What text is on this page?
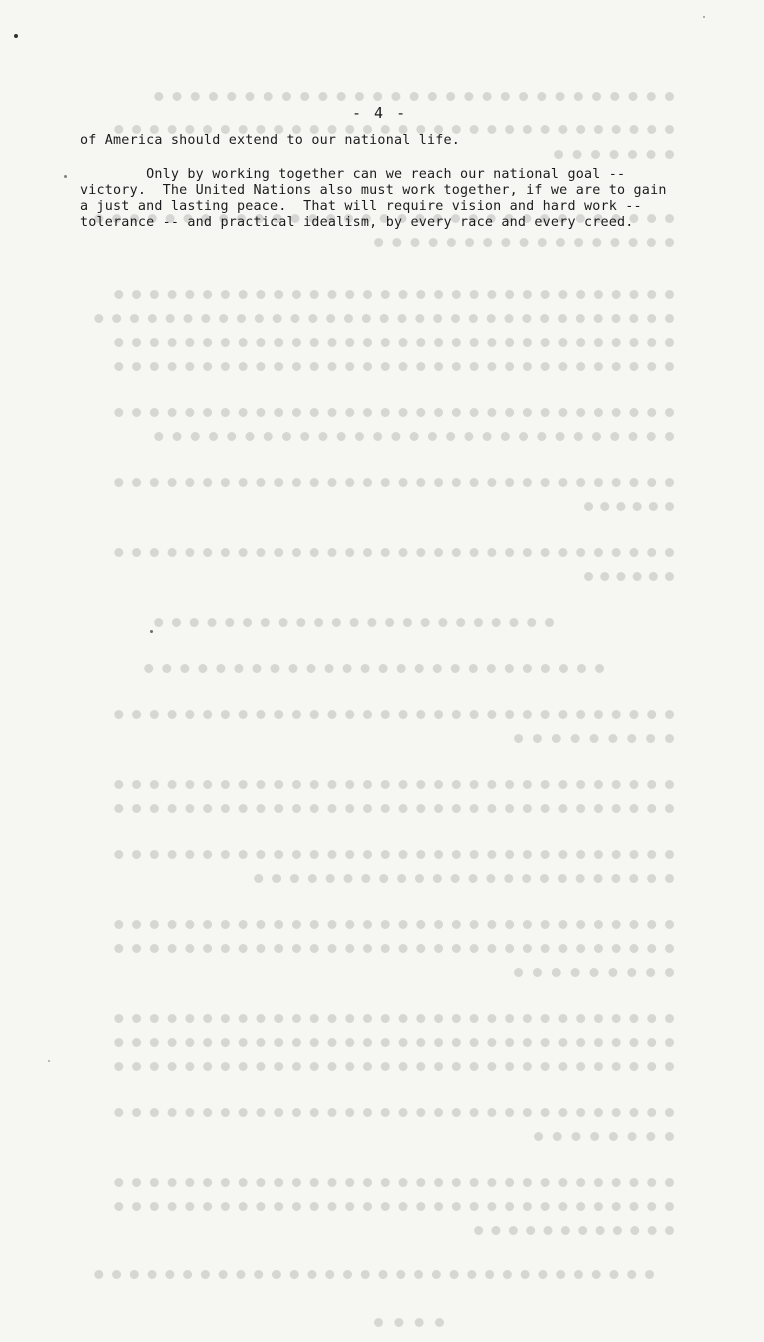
- 4 -
of America should extend to our national life.
Only by working together can we reach our national goal --
victory.  The United Nations also must work together, if we are to gain
a just and lasting peace.  That will require vision and hard work --
tolerance -- and practical idealism, by every race and every creed.
